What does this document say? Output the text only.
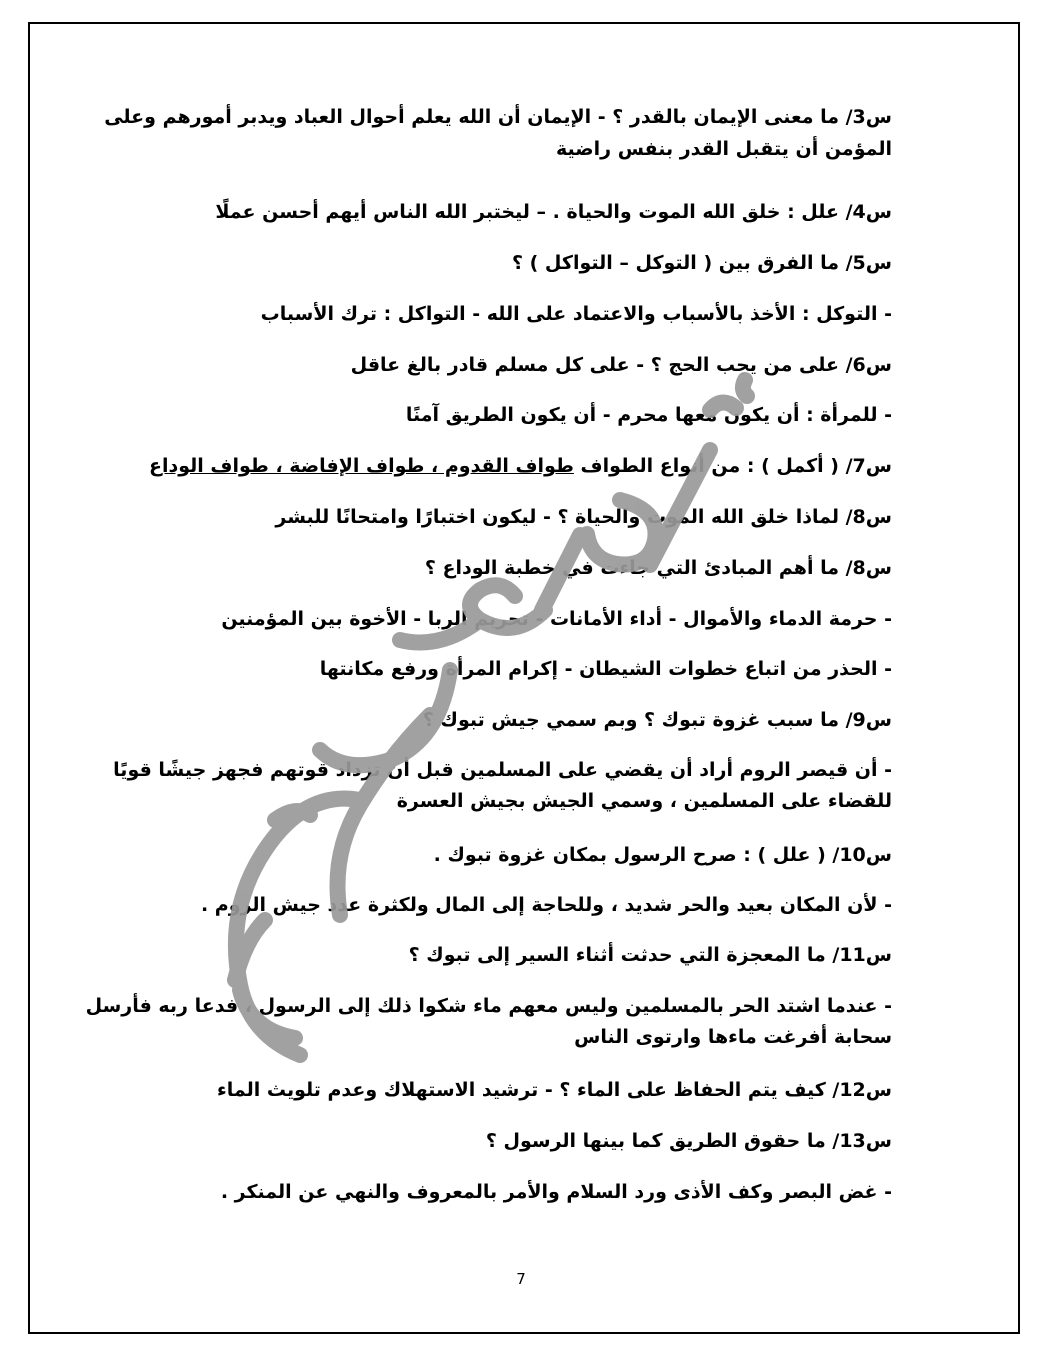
س3/ ما معنى الإيمان بالقدر ؟ - الإيمان أن الله يعلم أحوال العباد ويدبر أمورهم وعلى
المؤمن أن يتقبل القدر بنفس راضية
س4/ علل : خلق الله الموت والحياة . – ليختبر الله الناس أيهم أحسن عملًا
س5/ ما الفرق بين ( التوكل – التواكل ) ؟
- التوكل : الأخذ بالأسباب والاعتماد على الله - التواكل : ترك الأسباب
س6/ على من يجب الحج ؟ - على كل مسلم قادر بالغ عاقل
- للمرأة : أن يكون معها محرم - أن يكون الطريق آمنًا
س7/ ( أكمل ) : من أنواع الطواف طواف القدوم ، طواف الإفاضة ، طواف الوداع
س8/ لماذا خلق الله الموت والحياة ؟ - ليكون اختبارًا وامتحانًا للبشر
س8/ ما أهم المبادئ التي جاءت في خطبة الوداع ؟
- حرمة الدماء والأموال - أداء الأمانات - تحريم الربا - الأخوة بين المؤمنين
- الحذر من اتباع خطوات الشيطان - إكرام المرأة ورفع مكانتها
س9/ ما سبب غزوة تبوك ؟ وبم سمي جيش تبوك ؟
- أن قيصر الروم أراد أن يقضي على المسلمين قبل أن تزداد قوتهم فجهز جيشًا قويًا
للقضاء على المسلمين ، وسمي الجيش بجيش العسرة
س10/ ( علل ) : صرح الرسول بمكان غزوة تبوك .
- لأن المكان بعيد والحر شديد ، وللحاجة إلى المال ولكثرة عدد جيش الروم .
س11/ ما المعجزة التي حدثت أثناء السير إلى تبوك ؟
- عندما اشتد الحر بالمسلمين وليس معهم ماء شكوا ذلك إلى الرسول ، فدعا ربه فأرسل
سحابة أفرغت ماءها وارتوى الناس
س12/ كيف يتم الحفاظ على الماء ؟ - ترشيد الاستهلاك وعدم تلويث الماء
س13/ ما حقوق الطريق كما بينها الرسول ؟
- غض البصر وكف الأذى ورد السلام والأمر بالمعروف والنهي عن المنكر .
7
